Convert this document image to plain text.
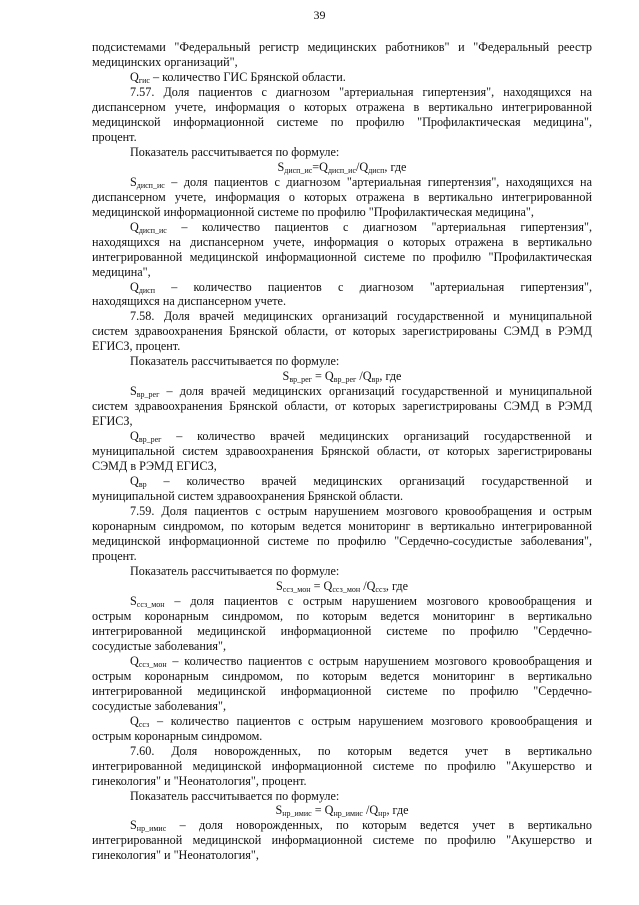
39
подсистемами "Федеральный регистр медицинских работников" и "Федеральный реестр
медицинских организаций",
$Q_{гис}$ – количество ГИС Брянской области.
7.57. Доля пациентов с диагнозом "артериальная гипертензия", находящихся на
диспансерном учете, информация о которых отражена в вертикально интегрированной
медицинской информационной системе по профилю "Профилактическая медицина",
процент.
Показатель рассчитывается по формуле:
$S_{дисп\_ис}=Q_{дисп\_ис}/Q_{дисп}$, где
$S_{дисп\_ис}$ – доля пациентов с диагнозом "артериальная гипертензия", находящихся на
диспансерном учете, информация о которых отражена в вертикально интегрированной
медицинской информационной системе по профилю "Профилактическая медицина",
$Q_{дисп\_ис}$ – количество пациентов с диагнозом "артериальная гипертензия",
находящихся на диспансерном учете, информация о которых отражена в вертикально
интегрированной медицинской информационной системе по профилю "Профилактическая
медицина",
$Q_{дисп}$ – количество пациентов с диагнозом "артериальная гипертензия",
находящихся на диспансерном учете.
7.58. Доля врачей медицинских организаций государственной и муниципальной
систем здравоохранения Брянской области, от которых зарегистрированы СЭМД в РЭМД
ЕГИСЗ, процент.
Показатель рассчитывается по формуле:
$S_{вр\_рег} = Q_{вр\_рег}$ $/Q_{вр}$, где
$S_{вр\_рег}$ – доля врачей медицинских организаций государственной и муниципальной
систем здравоохранения Брянской области, от которых зарегистрированы СЭМД в РЭМД
ЕГИСЗ,
$Q_{вр\_рег}$ – количество врачей медицинских организаций государственной и
муниципальной систем здравоохранения Брянской области, от которых зарегистрированы
СЭМД в РЭМД ЕГИСЗ,
$Q_{вр}$ – количество врачей медицинских организаций государственной и
муниципальной систем здравоохранения Брянской области.
7.59. Доля пациентов с острым нарушением мозгового кровообращения и острым
коронарным синдромом, по которым ведется мониторинг в вертикально интегрированной
медицинской информационной системе по профилю "Сердечно-сосудистые заболевания",
процент.
Показатель рассчитывается по формуле:
$S_{ссз\_мон} = Q_{ссз\_мон}$ $/Q_{ссз}$, где
$S_{ссз\_мон}$ – доля пациентов с острым нарушением мозгового кровообращения и
острым коронарным синдромом, по которым ведется мониторинг в вертикально
интегрированной медицинской информационной системе по профилю "Сердечно-
сосудистые заболевания",
$Q_{ссз\_мон}$ – количество пациентов с острым нарушением мозгового кровообращения и
острым коронарным синдромом, по которым ведется мониторинг в вертикально
интегрированной медицинской информационной системе по профилю "Сердечно-
сосудистые заболевания",
$Q_{ссз}$ – количество пациентов с острым нарушением мозгового кровообращения и
острым коронарным синдромом.
7.60. Доля новорожденных, по которым ведется учет в вертикально
интегрированной медицинской информационной системе по профилю "Акушерство и
гинекология" и "Неонатология", процент.
Показатель рассчитывается по формуле:
$S_{нр\_имис} = Q_{нр\_имис}$ $/Q_{нр}$, где
$S_{нр\_имис}$ – доля новорожденных, по которым ведется учет в вертикально
интегрированной медицинской информационной системе по профилю "Акушерство и
гинекология" и "Неонатология",
